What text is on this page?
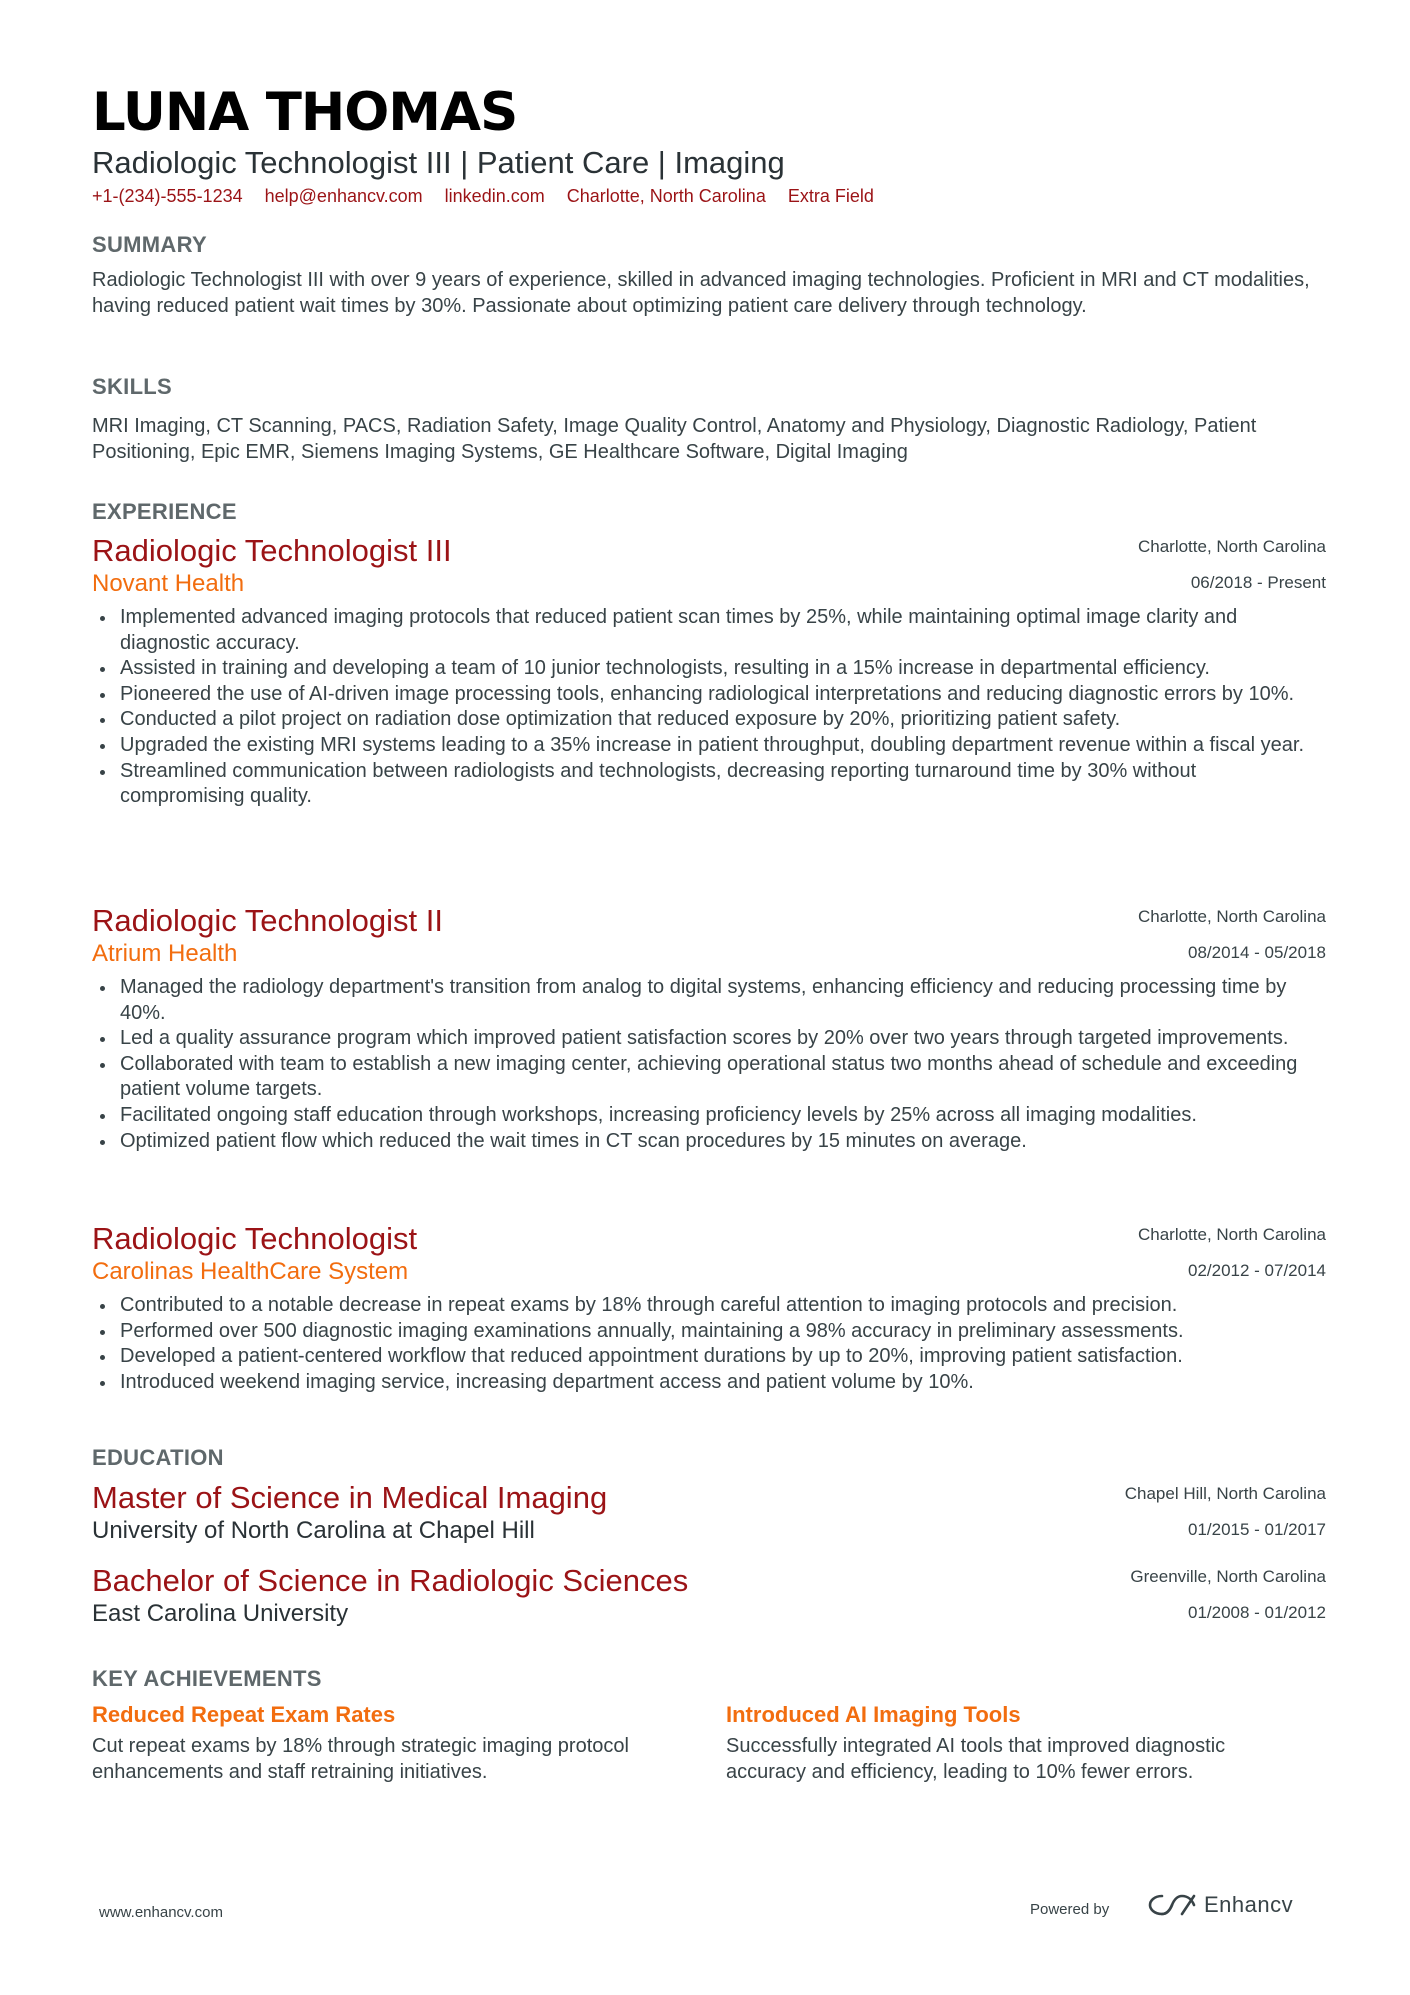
LUNA THOMAS
Radiologic Technologist III | Patient Care | Imaging
+1-(234)-555-1234 help@enhancv.com linkedin.com Charlotte, North Carolina Extra Field
SUMMARY
Radiologic Technologist III with over 9 years of experience, skilled in advanced imaging technologies. Proficient in MRI and CT modalities, having reduced patient wait times by 30%. Passionate about optimizing patient care delivery through technology.
SKILLS
MRI Imaging, CT Scanning, PACS, Radiation Safety, Image Quality Control, Anatomy and Physiology, Diagnostic Radiology, Patient Positioning, Epic EMR, Siemens Imaging Systems, GE Healthcare Software, Digital Imaging
EXPERIENCE
Radiologic Technologist III
Novant Health
Charlotte, North Carolina
06/2018 - Present
Implemented advanced imaging protocols that reduced patient scan times by 25%, while maintaining optimal image clarity and diagnostic accuracy.
Assisted in training and developing a team of 10 junior technologists, resulting in a 15% increase in departmental efficiency.
Pioneered the use of AI-driven image processing tools, enhancing radiological interpretations and reducing diagnostic errors by 10%.
Conducted a pilot project on radiation dose optimization that reduced exposure by 20%, prioritizing patient safety.
Upgraded the existing MRI systems leading to a 35% increase in patient throughput, doubling department revenue within a fiscal year.
Streamlined communication between radiologists and technologists, decreasing reporting turnaround time by 30% without compromising quality.
Radiologic Technologist II
Atrium Health
Charlotte, North Carolina
08/2014 - 05/2018
Managed the radiology department's transition from analog to digital systems, enhancing efficiency and reducing processing time by 40%.
Led a quality assurance program which improved patient satisfaction scores by 20% over two years through targeted improvements.
Collaborated with team to establish a new imaging center, achieving operational status two months ahead of schedule and exceeding patient volume targets.
Facilitated ongoing staff education through workshops, increasing proficiency levels by 25% across all imaging modalities.
Optimized patient flow which reduced the wait times in CT scan procedures by 15 minutes on average.
Radiologic Technologist
Carolinas HealthCare System
Charlotte, North Carolina
02/2012 - 07/2014
Contributed to a notable decrease in repeat exams by 18% through careful attention to imaging protocols and precision.
Performed over 500 diagnostic imaging examinations annually, maintaining a 98% accuracy in preliminary assessments.
Developed a patient-centered workflow that reduced appointment durations by up to 20%, improving patient satisfaction.
Introduced weekend imaging service, increasing department access and patient volume by 10%.
EDUCATION
Master of Science in Medical Imaging
University of North Carolina at Chapel Hill
Chapel Hill, North Carolina
01/2015 - 01/2017
Bachelor of Science in Radiologic Sciences
East Carolina University
Greenville, North Carolina
01/2008 - 01/2012
KEY ACHIEVEMENTS
Reduced Repeat Exam Rates
Cut repeat exams by 18% through strategic imaging protocol enhancements and staff retraining initiatives.
Introduced AI Imaging Tools
Successfully integrated AI tools that improved diagnostic accuracy and efficiency, leading to 10% fewer errors.
www.enhancv.com	Powered by	Enhancv
